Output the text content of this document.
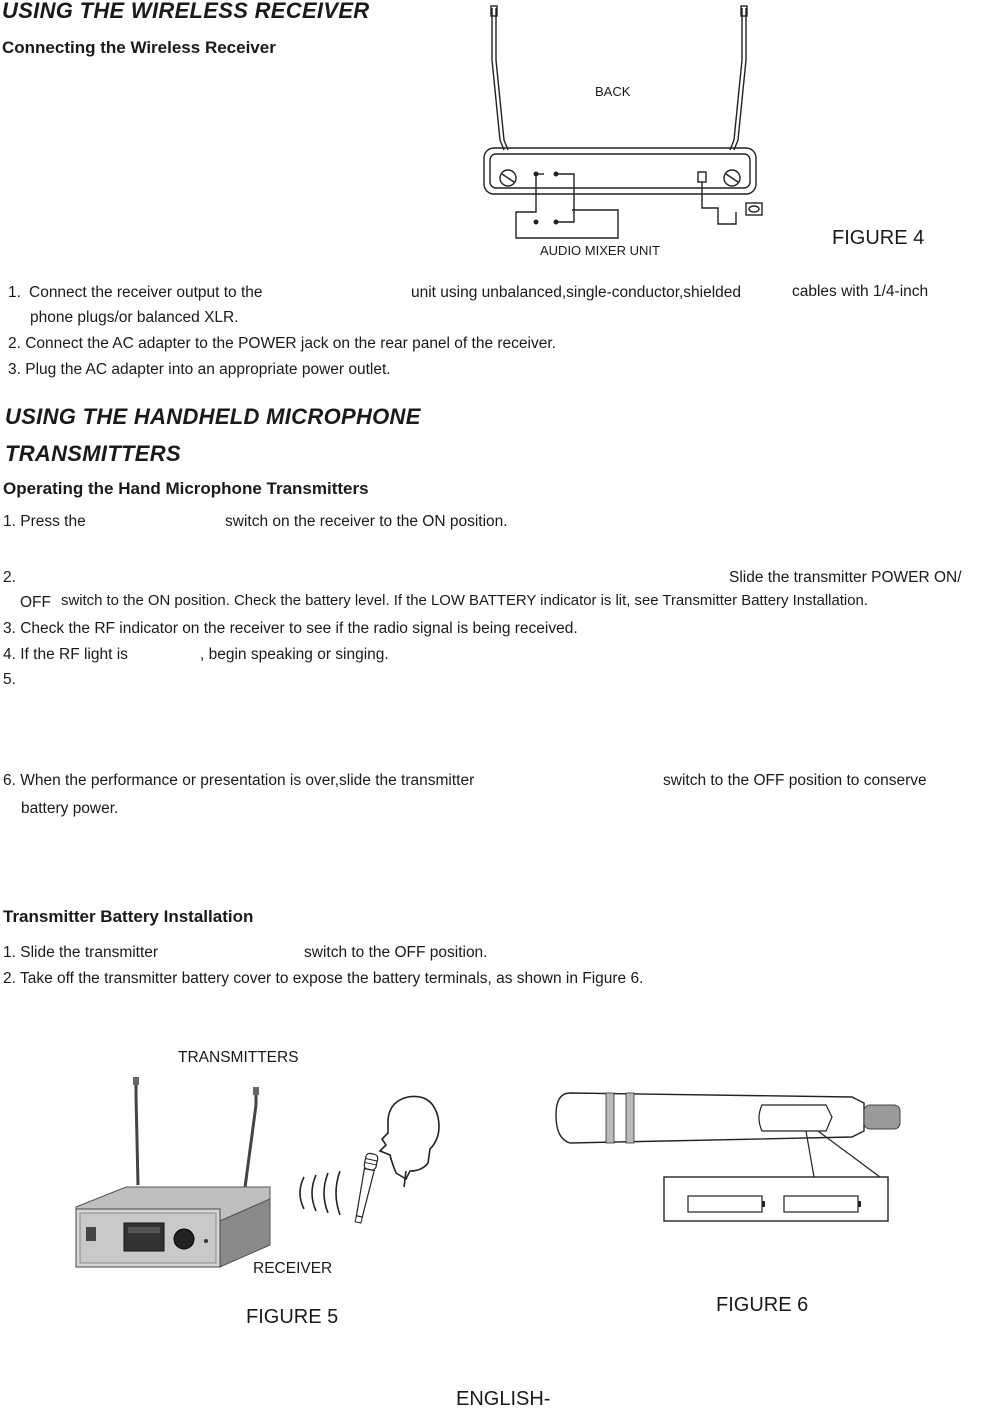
USING THE WIRELESS RECEIVER
Connecting the Wireless Receiver
BACK
AUDIO MIXER UNIT
FIGURE 4
1. Connect the receiver output to the	unit using unbalanced,single-conductor,shielded	cables with 1/4-inch
phone plugs/or balanced XLR.
2. Connect the AC adapter to the POWER jack on the rear panel of the receiver.
3. Plug the AC adapter into an appropriate power outlet.
USING THE HANDHELD MICROPHONE
TRANSMITTERS
Operating the Hand Microphone Transmitters
1. Press the	switch on the receiver to the ON position.
2.	Slide the transmitter POWER ON/
OFF switch to the ON position. Check the battery level. If the LOW BATTERY indicator is lit, see Transmitter Battery Installation.
3. Check the RF indicator on the receiver to see if the radio signal is being received.
4. If the RF light is	, begin speaking or singing.
5.
6. When the performance or presentation is over,slide the transmitter	switch to the OFF position to conserve
battery power.
Transmitter Battery Installation
1. Slide the transmitter	switch to the OFF position.
2. Take off the transmitter battery cover to expose the battery terminals, as shown in Figure 6.
TRANSMITTERS
RECEIVER
FIGURE 5
FIGURE 6
ENGLISH-
